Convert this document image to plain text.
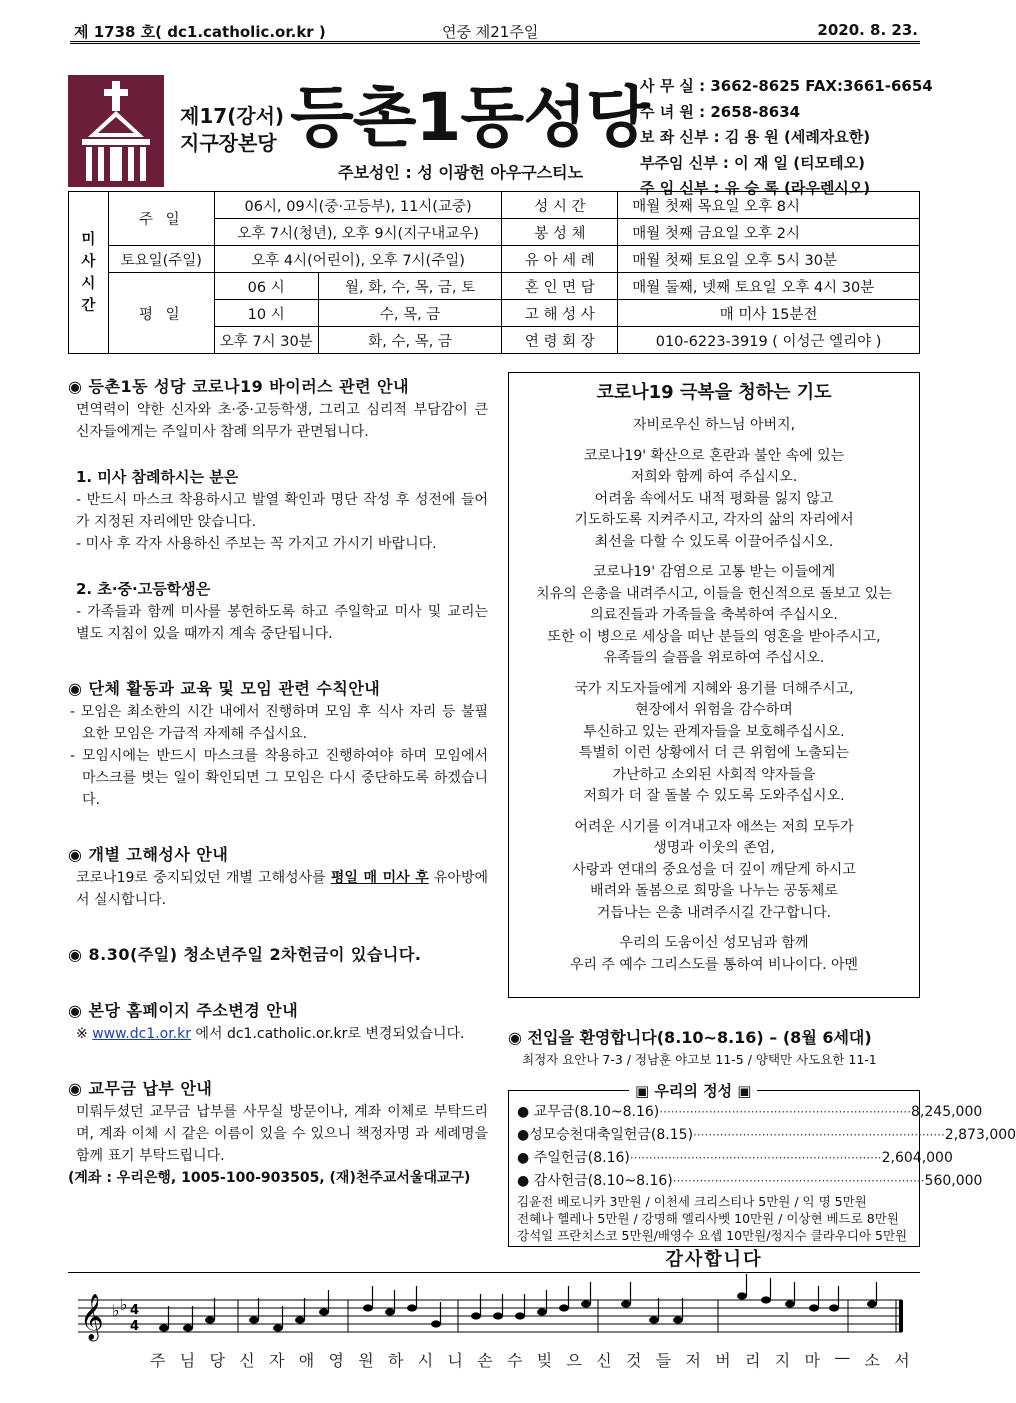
제 1738 호( dc1.catholic.or.kr )	연중 제21주일	2020. 8. 23.
제17(강서)
지구장본당 등촌1동성당
주보성인 : 성 이광헌 아우구스티노
사 무 실 : 3662-8625 FAX:3661-6654
수 녀 원 : 2658-8634
보 좌 신부 : 김 용 원 (세례자요한)
부주임 신부 : 이 재 일 (티모테오)
주 임 신부 : 유 승 록 (라우렌시오)
미
사
시
간	주 일	06시, 09시(중·고등부), 11시(교중)		성 시 간	매월 첫째 목요일 오후 8시
		오후 7시(청년), 오후 9시(지구내교우)		봉 성 체	매월 첫째 금요일 오후 2시
	토요일(주일)	오후 4시(어린이), 오후 7시(주일)		유 아 세 례	매월 첫째 토요일 오후 5시 30분
	평 일	06 시	월, 화, 수, 목, 금, 토	혼 인 면 담	매월 둘째, 넷째 토요일 오후 4시 30분
		10 시	수, 목, 금	고 해 성 사	매 미사 15분전
		오후 7시 30분	화, 수, 목, 금	연 령 회 장	010-6223-3919 ( 이성근 엘리야 )
◉ 등촌1동 성당 코로나19 바이러스 관련 안내
면역력이 약한 신자와 초·중·고등학생, 그리고 심리적 부담감이 큰 신자들에게는 주일미사 참례 의무가 관면됩니다.
1. 미사 참례하시는 분은
- 반드시 마스크 착용하시고 발열 확인과 명단 작성 후 성전에 들어가 지정된 자리에만 앉습니다.
- 미사 후 각자 사용하신 주보는 꼭 가지고 가시기 바랍니다.
2. 초·중·고등학생은
- 가족들과 함께 미사를 봉헌하도록 하고 주일학교 미사 및 교리는 별도 지침이 있을 때까지 계속 중단됩니다.
◉ 단체 활동과 교육 및 모임 관련 수칙안내
- 모임은 최소한의 시간 내에서 진행하며 모임 후 식사 자리 등 불필요한 모임은 가급적 자제해 주십시요.
- 모임시에는 반드시 마스크를 착용하고 진행하여야 하며 모임에서 마스크를 벗는 일이 확인되면 그 모임은 다시 중단하도록 하겠습니다.
◉ 개별 고해성사 안내
코로나19로 중지되었던 개별 고해성사를 평일 매 미사 후 유아방에서 실시합니다.
◉ 8.30(주일) 청소년주일 2차헌금이 있습니다.
◉ 본당 홈페이지 주소변경 안내
※ www.dc1.or.kr 에서 dc1.catholic.or.kr로 변경되었습니다.
◉ 교무금 납부 안내
미뤄두셨던 교무금 납부를 사무실 방문이나, 계좌 이체로 부탁드리며, 계좌 이체 시 같은 이름이 있을 수 있으니 책정자명 과 세례명을 함께 표기 부탁드립니다.
(계좌 : 우리은행, 1005-100-903505, (재)천주교서울대교구)
코로나19 극복을 청하는 기도
자비로우신 하느님 아버지,
코로나19' 확산으로 혼란과 불안 속에 있는
저희와 함께 하여 주십시오.
어려움 속에서도 내적 평화를 잃지 않고
기도하도록 지켜주시고, 각자의 삶의 자리에서
최선을 다할 수 있도록 이끌어주십시오.
코로나19' 감염으로 고통 받는 이들에게
치유의 은총을 내려주시고, 이들을 헌신적으로 돌보고 있는
의료진들과 가족들을 축복하여 주십시오.
또한 이 병으로 세상을 떠난 분들의 영혼을 받아주시고,
유족들의 슬픔을 위로하여 주십시오.
국가 지도자들에게 지혜와 용기를 더해주시고,
현장에서 위험을 감수하며
투신하고 있는 관계자들을 보호해주십시오.
특별히 이런 상황에서 더 큰 위험에 노출되는
가난하고 소외된 사회적 약자들을
저희가 더 잘 돌볼 수 있도록 도와주십시오.
어려운 시기를 이겨내고자 애쓰는 저희 모두가
생명과 이웃의 존엄,
사랑과 연대의 중요성을 더 깊이 깨닫게 하시고
배려와 돌봄으로 희망을 나누는 공동체로
거듭나는 은총 내려주시길 간구합니다.
우리의 도움이신 성모님과 함께
우리 주 예수 그리스도를 통하여 비나이다. 아멘
◉ 전입을 환영합니다(8.10~8.16) – (8월 6세대)
최정자 요안나 7-3 / 정남훈 야고보 11-5 / 양택만 사도요한 11-1
▣ 우리의 정성 ▣
● 교무금(8.10~8.16) ·································································· 8,245,000
●성모승천대축일헌금(8.15) ·································································· 2,873,000
● 주일헌금(8.16) ·································································· 2,604,000
● 감사헌금(8.10~8.16) ·································································· 560,000
김윤전 베로니카 3만원 / 이천세 크리스티나 5만원 / 익 명 5만원
전혜나 헬레나 5만원 / 강명해 엘리사벳 10만원 / 이상현 베드로 8만원
강석일 프란치스코 5만원/배영수 요셉 10만원/정지수 클라우디아 5만원
감사합니다
𝄞 ♭ ♭ 4
4
주 님 당 신 자 애 영 원 하 시 니 손 수 빚 으 신 것 들 저 버 리 지 마 — 소 서
